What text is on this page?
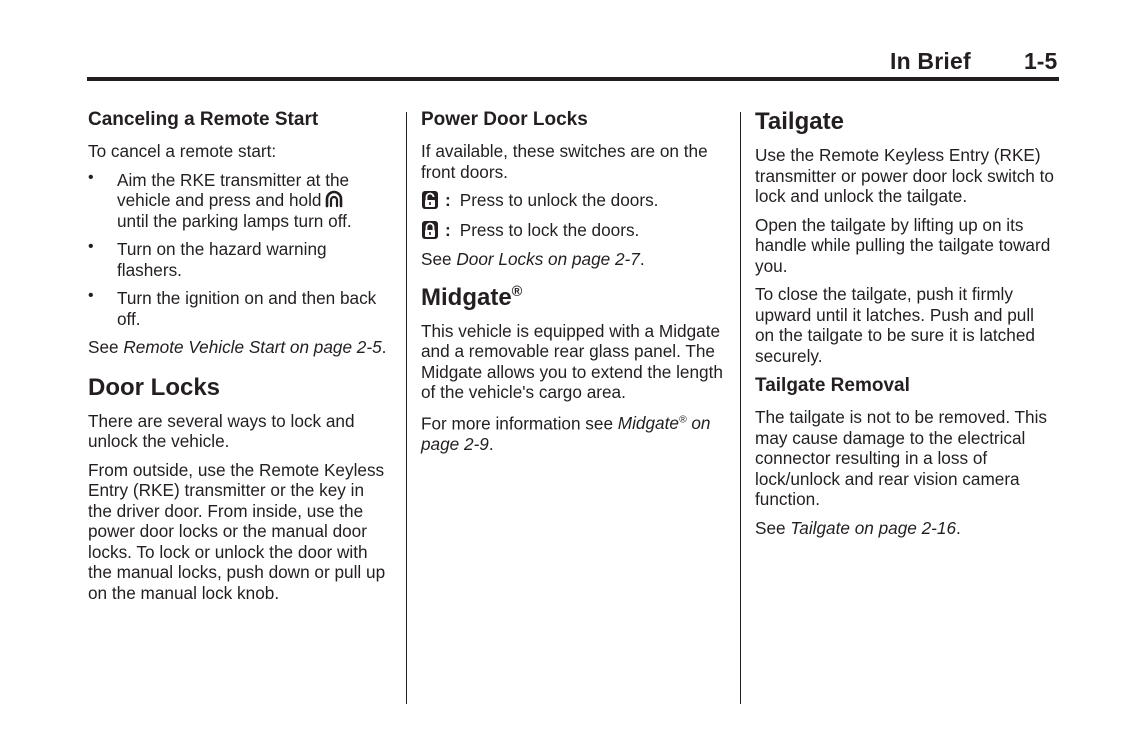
In Brief 1-5
Canceling a Remote Start

To cancel a remote start:

• Aim the RKE transmitter at the vehicle and press and hold
until the parking lamps turn off.
• Turn on the hazard warning flashers.
• Turn the ignition on and then back off.

See Remote Vehicle Start on page 2-5.

Door Locks

There are several ways to lock and unlock the vehicle.

From outside, use the Remote Keyless Entry (RKE) transmitter or the key in the driver door. From inside, use the power door locks or the manual door locks. To lock or unlock the door with the manual locks, push down or pull up on the manual lock knob.

Power Door Locks

If available, these switches are on the front doors.

: Press to unlock the doors.
: Press to lock the doors.

See Door Locks on page 2-7.

Midgate®

This vehicle is equipped with a Midgate and a removable rear glass panel. The Midgate allows you to extend the length of the vehicle's cargo area.

For more information see Midgate® on page 2-9.

Tailgate

Use the Remote Keyless Entry (RKE) transmitter or power door lock switch to lock and unlock the tailgate.

Open the tailgate by lifting up on its handle while pulling the tailgate toward you.

To close the tailgate, push it firmly upward until it latches. Push and pull on the tailgate to be sure it is latched securely.

Tailgate Removal

The tailgate is not to be removed. This may cause damage to the electrical connector resulting in a loss of lock/unlock and rear vision camera function.

See Tailgate on page 2-16.
